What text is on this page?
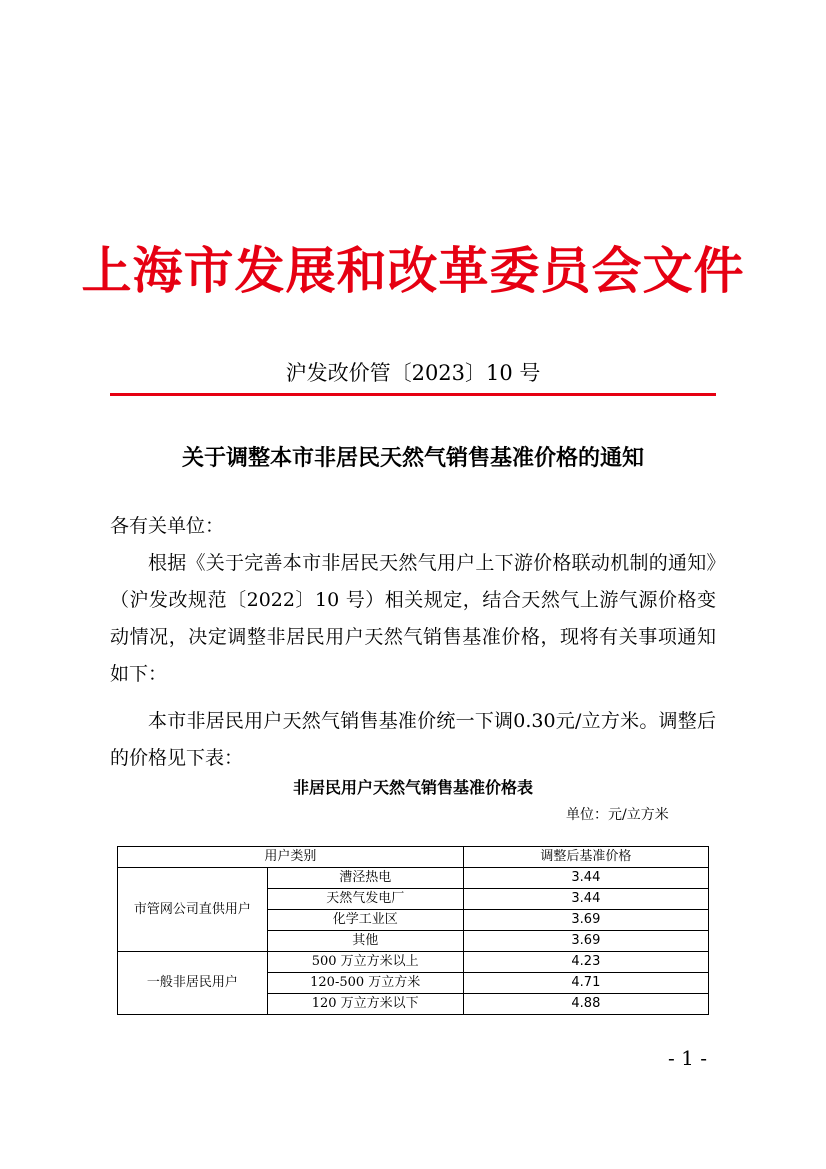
上海市发展和改革委员会文件
沪发改价管〔2023〕10 号
关于调整本市非居民天然气销售基准价格的通知
各有关单位：
根据《关于完善本市非居民天然气用户上下游价格联动机制的通知》（沪发改规范〔2022〕10 号）相关规定，结合天然气上游气源价格变动情况，决定调整非居民用户天然气销售基准价格，现将有关事项通知如下：
本市非居民用户天然气销售基准价统一下调0.30元/立方米。调整后的价格见下表：
非居民用户天然气销售基准价格表
单位：元/立方米
用户类别		调整后基准价格
市管网公司直供用户	漕泾热电	3.44
	天然气发电厂	3.44
	化学工业区	3.69
	其他	3.69
一般非居民用户	500 万立方米以上	4.23
	120-500 万立方米	4.71
	120 万立方米以下	4.88
- 1 -
